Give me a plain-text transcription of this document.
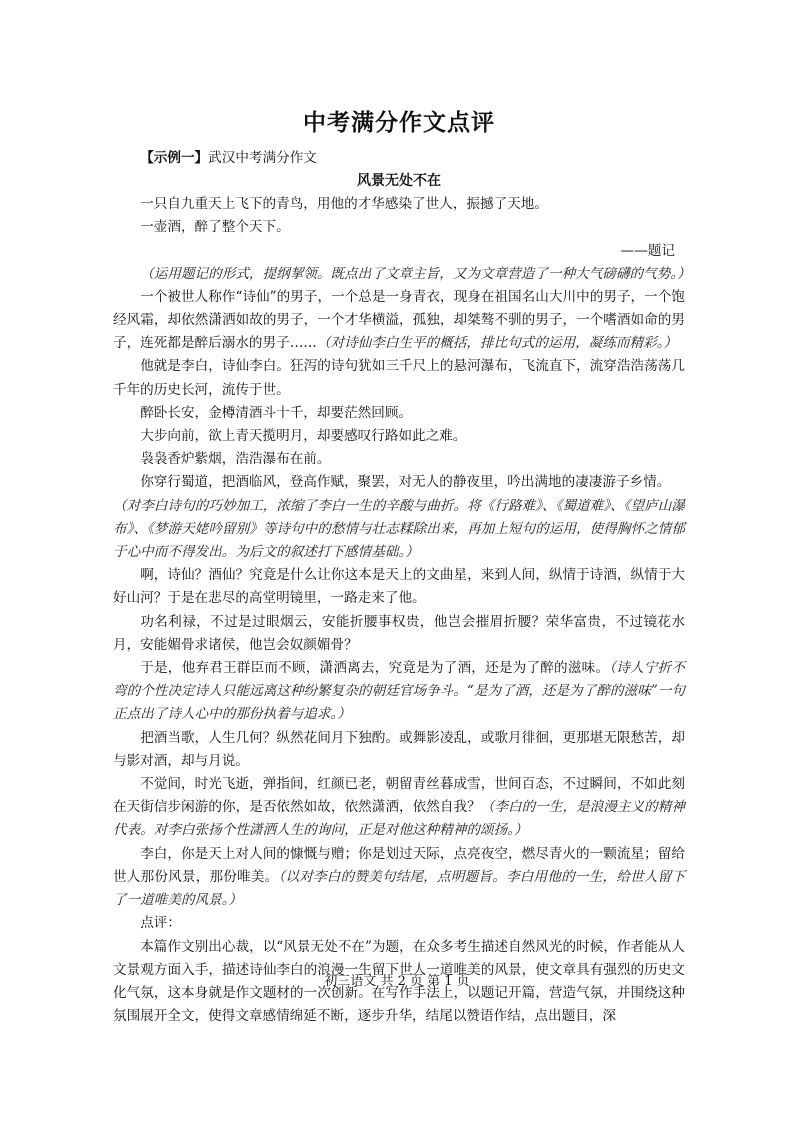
中考满分作文点评

【示例一】武汉中考满分作文

风景无处不在

一只自九重天上飞下的青鸟，用他的才华感染了世人，振撼了天地。

一壶酒，醉了整个天下。

——题记

（运用题记的形式，提纲挈领。既点出了文章主旨，又为文章营造了一种大气磅礴的气势。）

一个被世人称作“诗仙”的男子，一个总是一身青衣，现身在祖国名山大川中的男子，一个饱经风霜，却依然潇洒如故的男子，一个才华横溢，孤独，却桀骜不驯的男子，一个嗜酒如命的男子，连死都是醉后溺水的男子……（对诗仙李白生平的概括，排比句式的运用，凝练而精彩。）

他就是李白，诗仙李白。狂泻的诗句犹如三千尺上的悬河瀑布，飞流直下，流穿浩浩荡荡几千年的历史长河，流传于世。

醉卧长安，金樽清酒斗十千，却要茫然回顾。

大步向前，欲上青天揽明月，却要感叹行路如此之难。

袅袅香炉紫烟，浩浩瀑布在前。

你穿行蜀道，把酒临风，登高作赋，聚罢，对无人的静夜里，吟出满地的凄凄游子乡情。

（对李白诗句的巧妙加工，浓缩了李白一生的辛酸与曲折。将《行路难》、《蜀道难》、《望庐山瀑布》、《梦游天姥吟留别》等诗句中的愁情与壮志糅除出来，再加上短句的运用，使得胸怀之情郁于心中而不得发出。为后文的叙述打下感情基础。）

啊，诗仙？酒仙？究竟是什么让你这本是天上的文曲星，来到人间，纵情于诗酒，纵情于大好山河？于是在悲尽的高堂明镜里，一路走来了他。

功名利禄，不过是过眼烟云，安能折腰事权贵，他岂会摧眉折腰？荣华富贵，不过镜花水月，安能媚骨求诸侯，他岂会奴颜媚骨？

于是，他弃君王群臣而不顾，潇洒离去，究竟是为了酒，还是为了醉的滋味。（诗人宁折不弯的个性决定诗人只能远离这种纷繁复杂的朝廷官场争斗。“是为了酒，还是为了醉的滋味”一句正点出了诗人心中的那份执着与追求。）

把酒当歌，人生几何？纵然花间月下独酌。或舞影凌乱，或歌月徘徊，更那堪无限愁苦，却与影对酒，却与月说。

不觉间，时光飞逝，弹指间，红颜已老，朝留青丝暮成雪，世间百态，不过瞬间，不如此刻在天街信步闲游的你，是否依然如故，依然潇洒，依然自我？（李白的一生，是浪漫主义的精神代表。对李白张扬个性潇洒人生的询问，正是对他这种精神的颂扬。）

李白，你是天上对人间的慷慨与赠；你是划过天际，点亮夜空，燃尽青火的一颗流星；留给世人那份风景，那份唯美。（以对李白的赞美句结尾，点明题旨。李白用他的一生，给世人留下了一道唯美的风景。）

点评：

本篇作文别出心裁，以“风景无处不在”为题，在众多考生描述自然风光的时候，作者能从人文景观方面入手，描述诗仙李白的浪漫一生留下世人一道唯美的风景，使文章具有强烈的历史文化气氛，这本身就是作文题材的一次创新。在写作手法上，以题记开篇，营造气氛，并围绕这种氛围展开全文，使得文章感情绵延不断，逐步升华，结尾以赞语作结，点出题目，深

初三语文 共 2 页 第 1 页
